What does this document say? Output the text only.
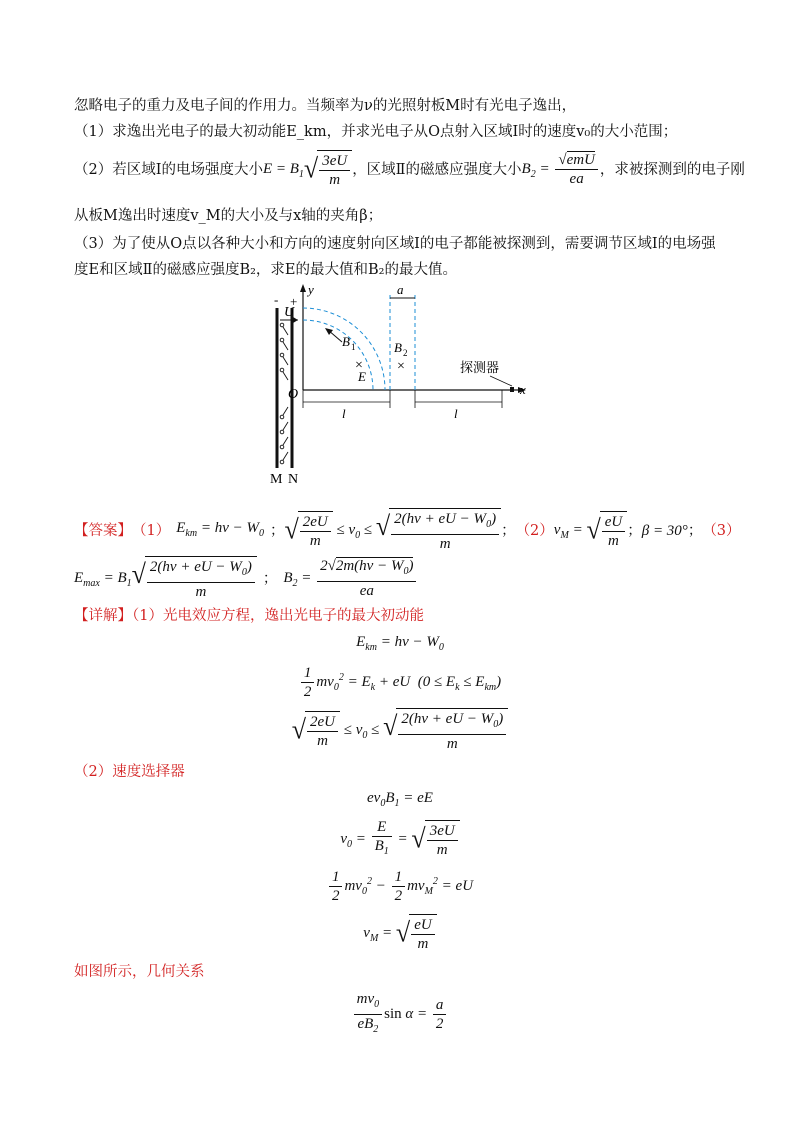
忽略电子的重力及电子间的作用力。当频率为ν的光照射板M时有光电子逸出，
（1）求逸出光电子的最大初动能E_km，并求光电子从O点射入区域Ⅰ时的速度v₀的大小范围；
（2）若区域Ⅰ的电场强度大小 $E = B_1$ √ $\frac{3eU}{m}$ ，区域Ⅱ的磁感应强度大小 $B_2 = \frac{\text{√emU}}{ea}$ ，求被探测到的电子刚
从板M逸出时速度v_M的大小及与x轴的夹角β；
（3）为了使从O点以各种大小和方向的速度射向区域Ⅰ的电子都能被探测到，需要调节区域Ⅰ的电场强
度E和区域Ⅱ的磁感应强度B₂，求E的最大值和B₂的最大值。
- +
U
y
x
a
B 1
×
E
B 2
×	探测器
O
l	l
M N
【答案】 （1） $E_{km} = h\nu - W_0$ ； √ $\frac{2eU}{m} \le v_0$ ≤ √ $\frac{2(h\nu + eU - W_0)}{m}$ ； （2） $v_M$ = √ $\frac{eU}{m}$ ； β = 30° ； （3）
$E_{max} = B_1$ √ $\frac{2(h\nu + eU - W_0)}{m}$ ； $B_2 = \frac{2√2m(h\nu - W_0)}{ea}$
【详解】（1）光电效应方程，逸出光电子的最大初动能
$E_{km} = h\nu - W_0$
$\frac{1}{2} mv_0^2 = E_k$ + eU  $(0 \le E_k \le E_{km})$
√ $\frac{2eU}{m} \le v_0$ ≤ √ $\frac{2(h\nu + eU - W_0)}{m}$
（2）速度选择器
$ev_0B_1$ = eE
$v_0 = \frac{E}{B_1}$ = √ $\frac{3eU}{m}$
$\frac{1}{2} mv_0^2 - \frac{1}{2} mv_M^2$ = eU
$v_M$ = √ $\frac{eU}{m}$
如图所示，几何关系
$\frac{mv_0}{eB_2}$ $\sin \alpha = \frac{a}{2}$
